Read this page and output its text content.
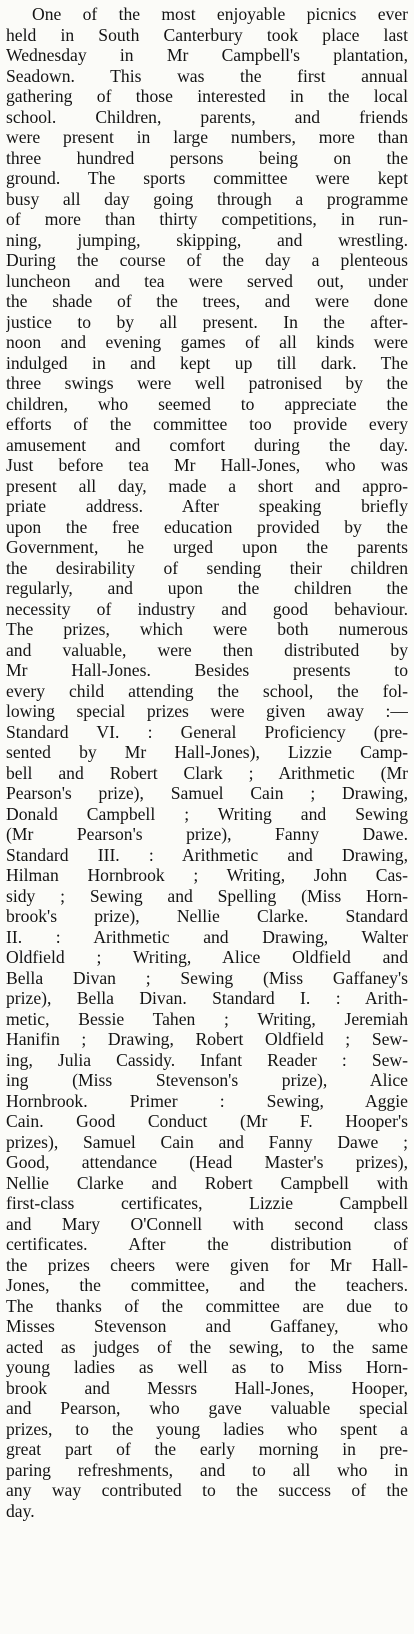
One of the most enjoyable picnics ever
held in South Canterbury took place last
Wednesday in Mr Campbell's plantation,
Seadown. This was the first annual
gathering of those interested in the local
school. Children, parents, and friends
were present in large numbers, more than
three hundred persons being on the
ground. The sports committee were kept
busy all day going through a programme
of more than thirty competitions, in run-
ning, jumping, skipping, and wrestling.
During the course of the day a plenteous
luncheon and tea were served out, under
the shade of the trees, and were done
justice to by all present. In the after-
noon and evening games of all kinds were
indulged in and kept up till dark. The
three swings were well patronised by the
children, who seemed to appreciate the
efforts of the committee too provide every
amusement and comfort during the day.
Just before tea Mr Hall-Jones, who was
present all day, made a short and appro-
priate address. After speaking briefly
upon the free education provided by the
Government, he urged upon the parents
the desirability of sending their children
regularly, and upon the children the
necessity of industry and good behaviour.
The prizes, which were both numerous
and valuable, were then distributed by
Mr Hall-Jones. Besides presents to
every child attending the school, the fol-
lowing special prizes were given away :—
Standard VI. : General Proficiency (pre-
sented by Mr Hall-Jones), Lizzie Camp-
bell and Robert Clark ; Arithmetic (Mr
Pearson's prize), Samuel Cain ; Drawing,
Donald Campbell ; Writing and Sewing
(Mr Pearson's prize), Fanny Dawe.
Standard III. : Arithmetic and Drawing,
Hilman Hornbrook ; Writing, John Cas-
sidy ; Sewing and Spelling (Miss Horn-
brook's prize), Nellie Clarke. Standard
II. : Arithmetic and Drawing, Walter
Oldfield ; Writing, Alice Oldfield and
Bella Divan ; Sewing (Miss Gaffaney's
prize), Bella Divan. Standard I. : Arith-
metic, Bessie Tahen ; Writing, Jeremiah
Hanifin ; Drawing, Robert Oldfield ; Sew-
ing, Julia Cassidy. Infant Reader : Sew-
ing (Miss Stevenson's prize), Alice
Hornbrook. Primer : Sewing, Aggie
Cain. Good Conduct (Mr F. Hooper's
prizes), Samuel Cain and Fanny Dawe ;
Good, attendance (Head Master's prizes),
Nellie Clarke and Robert Campbell with
first-class certificates, Lizzie Campbell
and Mary O'Connell with second class
certificates. After the distribution of
the prizes cheers were given for Mr Hall-
Jones, the committee, and the teachers.
The thanks of the committee are due to
Misses Stevenson and Gaffaney, who
acted as judges of the sewing, to the same
young ladies as well as to Miss Horn-
brook and Messrs Hall-Jones, Hooper,
and Pearson, who gave valuable special
prizes, to the young ladies who spent a
great part of the early morning in pre-
paring refreshments, and to all who in
any way contributed to the success of the
day.
